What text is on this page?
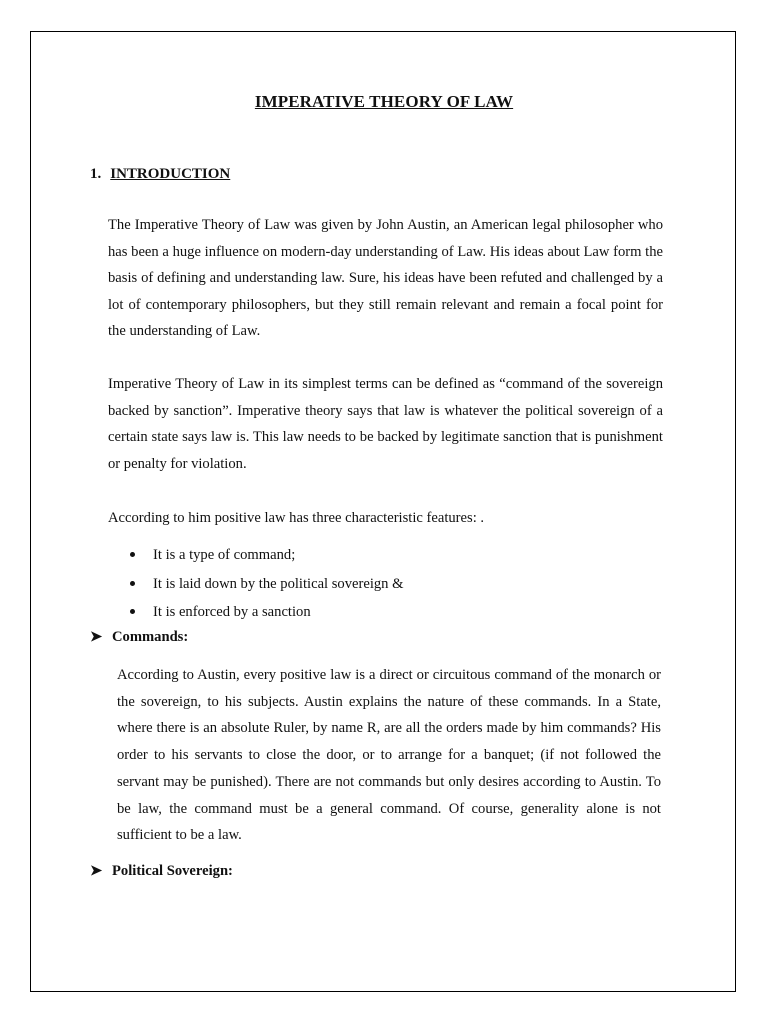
IMPERATIVE THEORY OF LAW
1. INTRODUCTION

The Imperative Theory of Law was given by John Austin, an American legal philosopher who has been a huge influence on modern-day understanding of Law. His ideas about Law form the basis of defining and understanding law. Sure, his ideas have been refuted and challenged by a lot of contemporary philosophers, but they still remain relevant and remain a focal point for the understanding of Law.

Imperative Theory of Law in its simplest terms can be defined as “command of the sovereign backed by sanction”. Imperative theory says that law is whatever the political sovereign of a certain state says law is. This law needs to be backed by legitimate sanction that is punishment or penalty for violation.

According to him positive law has three characteristic features: .

It is a type of command;
It is laid down by the political sovereign &
It is enforced by a sanction
➤ Commands:

According to Austin, every positive law is a direct or circuitous command of the monarch or the sovereign, to his subjects. Austin explains the nature of these commands. In a State, where there is an absolute Ruler, by name R, are all the orders made by him commands? His order to his servants to close the door, or to arrange for a banquet; (if not followed the servant may be punished). There are not commands but only desires according to Austin. To be law, the command must be a general command. Of course, generality alone is not sufficient to be a law.

➤ Political Sovereign:
